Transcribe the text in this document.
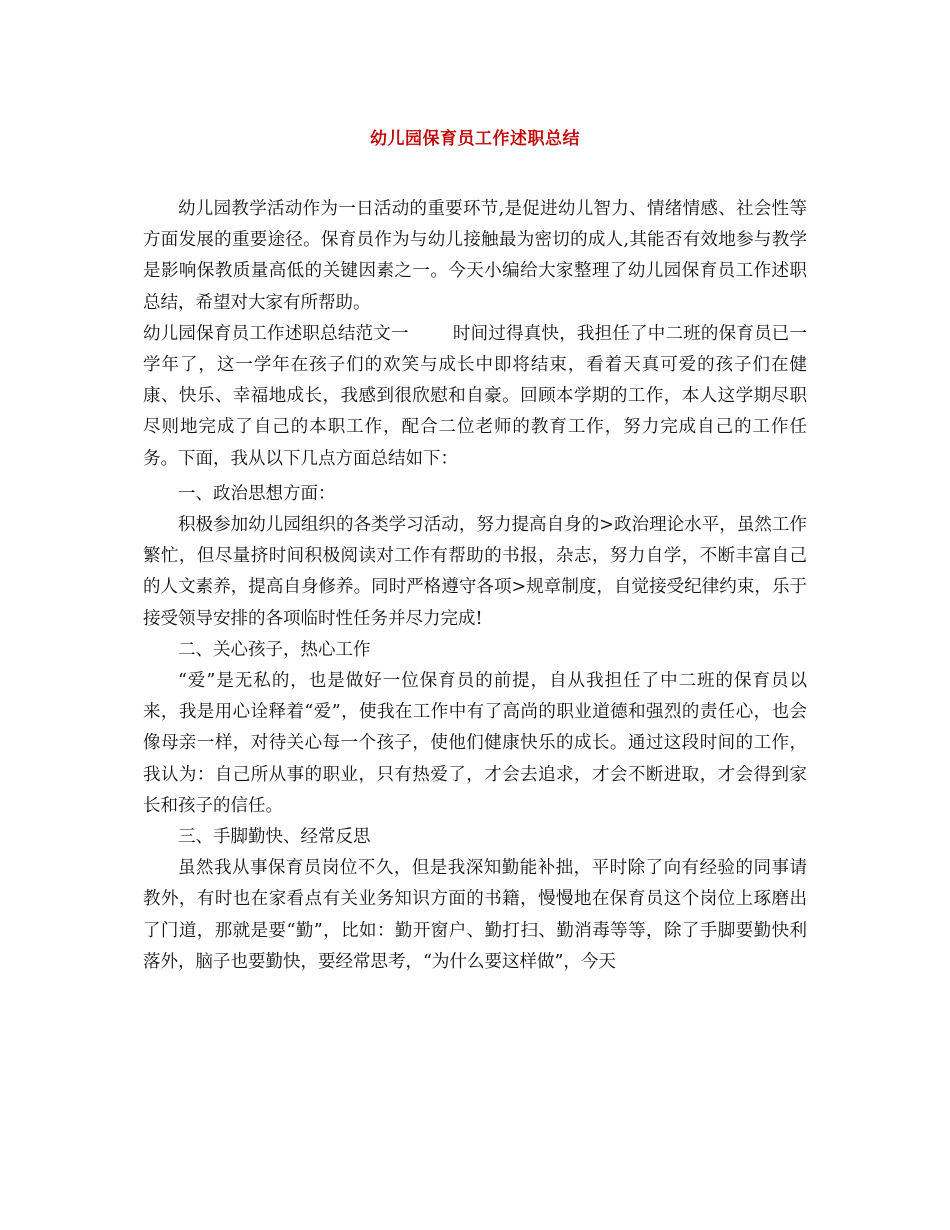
幼儿园保育员工作述职总结

幼儿园教学活动作为一日活动的重要环节,是促进幼儿智力、情绪情感、社会性等方面发展的重要途径。保育员作为与幼儿接触最为密切的成人,其能否有效地参与教学是影响保教质量高低的关键因素之一。今天小编给大家整理了幼儿园保育员工作述职总结，希望对大家有所帮助。

幼儿园保育员工作述职总结范文一	时间过得真快，我担任了中二班的保育员已一学年了，这一学年在孩子们的欢笑与成长中即将结束，看着天真可爱的孩子们在健康、快乐、幸福地成长，我感到很欣慰和自豪。回顾本学期的工作，本人这学期尽职尽则地完成了自己的本职工作，配合二位老师的教育工作，努力完成自己的工作任务。下面，我从以下几点方面总结如下：

一、政治思想方面：

积极参加幼儿园组织的各类学习活动，努力提高自身的>政治理论水平，虽然工作繁忙，但尽量挤时间积极阅读对工作有帮助的书报，杂志，努力自学，不断丰富自己的人文素养，提高自身修养。同时严格遵守各项>规章制度，自觉接受纪律约束，乐于接受领导安排的各项临时性任务并尽力完成!

二、关心孩子，热心工作

“爱”是无私的，也是做好一位保育员的前提，自从我担任了中二班的保育员以来，我是用心诠释着“爱”，使我在工作中有了高尚的职业道德和强烈的责任心，也会像母亲一样，对待关心每一个孩子，使他们健康快乐的成长。通过这段时间的工作，我认为：自己所从事的职业，只有热爱了，才会去追求，才会不断进取，才会得到家长和孩子的信任。

三、手脚勤快、经常反思

虽然我从事保育员岗位不久，但是我深知勤能补拙，平时除了向有经验的同事请教外，有时也在家看点有关业务知识方面的书籍，慢慢地在保育员这个岗位上琢磨出了门道，那就是要“勤”，比如：勤开窗户、勤打扫、勤消毒等等，除了手脚要勤快利落外，脑子也要勤快，要经常思考，“为什么要这样做”，今天
